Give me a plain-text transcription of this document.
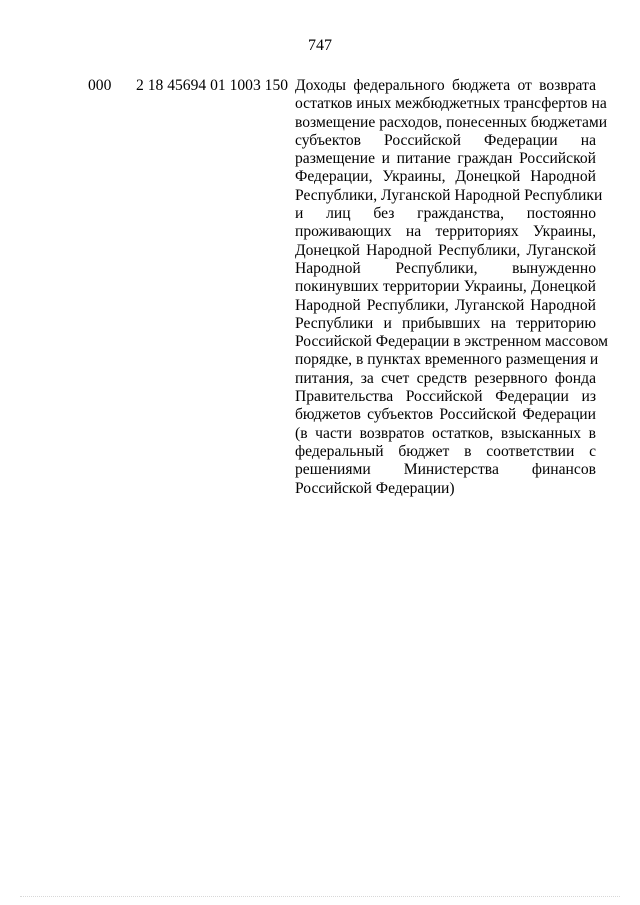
747
000 2 18 45694 01 1003 150 Доходы федерального бюджета от возврата
остатков иных межбюджетных трансфертов на
возмещение расходов, понесенных бюджетами
субъектов Российской Федерации на
размещение и питание граждан Российской
Федерации, Украины, Донецкой Народной
Республики, Луганской Народной Республики
и лиц без гражданства, постоянно
проживающих на территориях Украины,
Донецкой Народной Республики, Луганской
Народной Республики, вынужденно
покинувших территории Украины, Донецкой
Народной Республики, Луганской Народной
Республики и прибывших на территорию
Российской Федерации в экстренном массовом
порядке, в пунктах временного размещения и
питания, за счет средств резервного фонда
Правительства Российской Федерации из
бюджетов субъектов Российской Федерации
(в части возвратов остатков, взысканных в
федеральный бюджет в соответствии с
решениями Министерства финансов
Российской Федерации)
